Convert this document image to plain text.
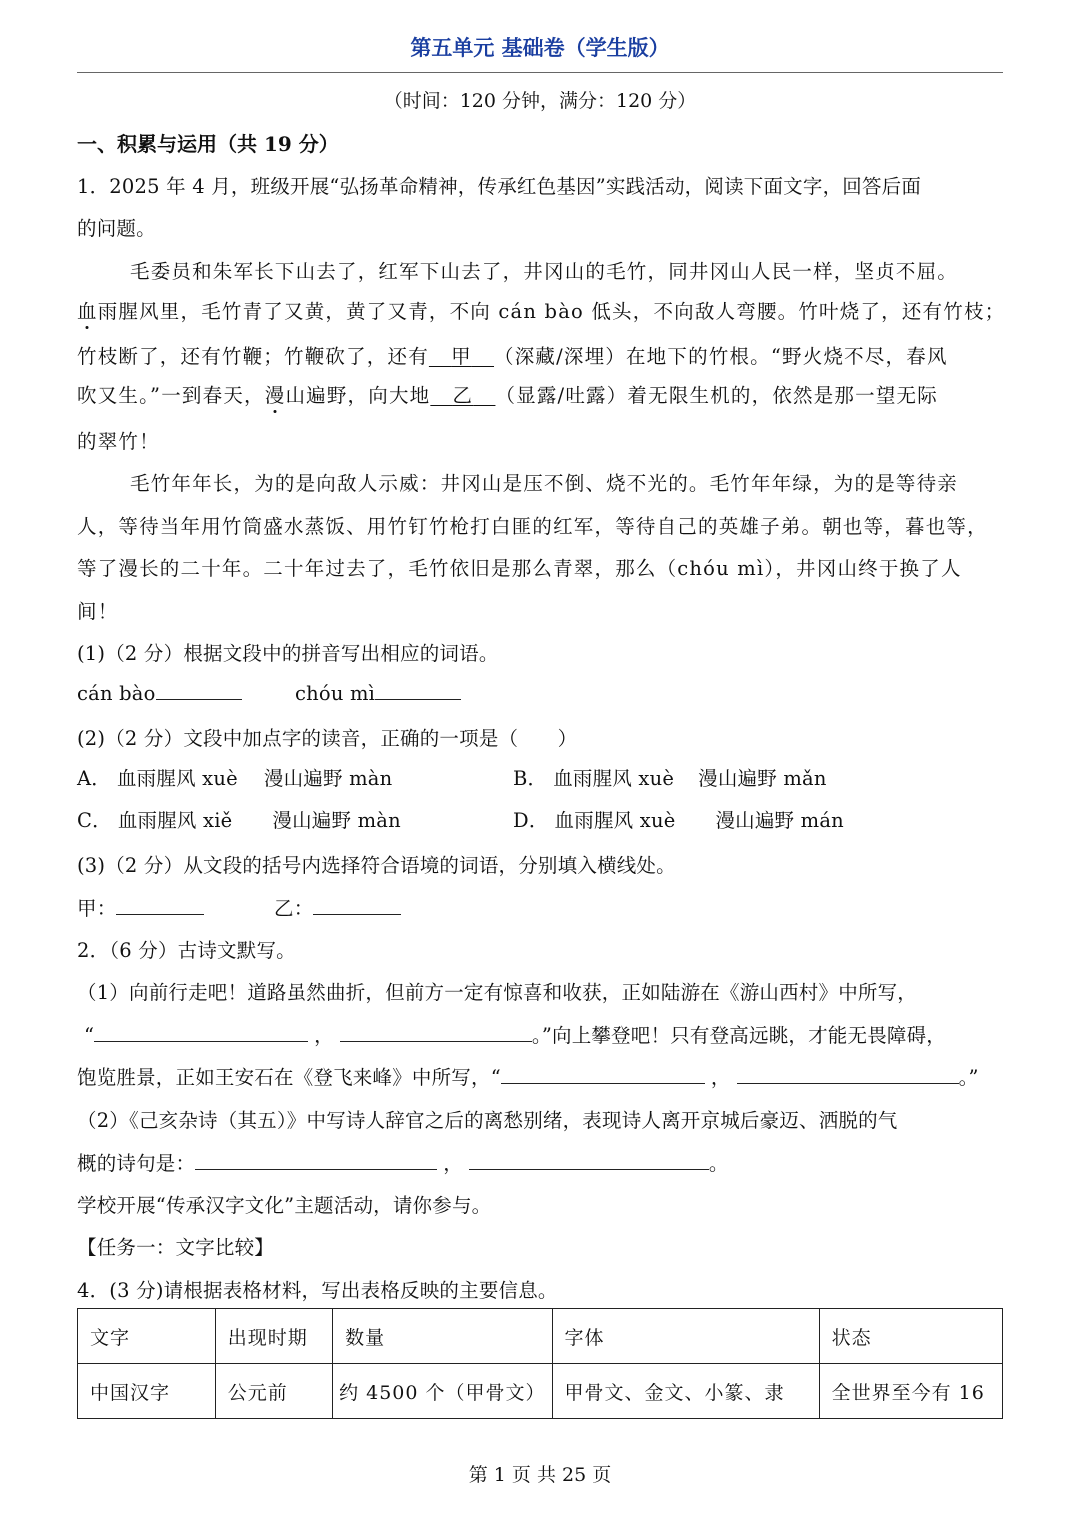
第五单元 基础卷（学生版）
（时间：120 分钟，满分：120 分）
一、积累与运用（共 19 分）
1．2025 年 4 月，班级开展“弘扬革命精神，传承红色基因”实践活动，阅读下面文字，回答后面
的问题。
毛委员和朱军长下山去了，红军下山去了，井冈山的毛竹，同井冈山人民一样，坚贞不屈。
血雨腥风里，毛竹青了又黄，黄了又青，不向 cán bào 低头，不向敌人弯腰。竹叶烧了，还有竹枝；
竹枝断了，还有竹鞭；竹鞭砍了，还有 甲 （深藏/深埋）在地下的竹根。“野火烧不尽，春风
吹又生。”一到春天，漫山遍野，向大地 乙 （显露/吐露）着无限生机的，依然是那一望无际
的翠竹！
毛竹年年长，为的是向敌人示威：井冈山是压不倒、烧不光的。毛竹年年绿，为的是等待亲
人，等待当年用竹筒盛水蒸饭、用竹钉竹枪打白匪的红军，等待自己的英雄子弟。朝也等，暮也等，
等了漫长的二十年。二十年过去了，毛竹依旧是那么青翠，那么（chóu mì），井冈山终于换了人
间！
(1)（2 分）根据文段中的拼音写出相应的词语。
cán bào	chóu mì
(2)（2 分）文段中加点字的读音，正确的一项是（　　）
A． 血雨腥风 xuè 漫山遍野 màn	B． 血雨腥风 xuè 漫山遍野 mǎn
C． 血雨腥风 xiě 漫山遍野 màn	D． 血雨腥风 xuè 漫山遍野 mán
(3)（2 分）从文段的括号内选择符合语境的词语，分别填入横线处。
甲：	乙：
2．（6 分）古诗文默写。
（1）向前行走吧！道路虽然曲折，但前方一定有惊喜和收获，正如陆游在《游山西村》中所写，
“	，	。”向上攀登吧！只有登高远眺，才能无畏障碍，
饱览胜景，正如王安石在《登飞来峰》中所写，“	，	。”
（2）《己亥杂诗（其五）》中写诗人辞官之后的离愁别绪，表现诗人离开京城后豪迈、洒脱的气
概的诗句是：	，	。
学校开展“传承汉字文化”主题活动，请你参与。
【任务一：文字比较】
4．(3 分)请根据表格材料，写出表格反映的主要信息。
文字	出现时期	数量	字体	状态
中国汉字	公元前	约 4500 个（甲骨文）	甲骨文、金文、小篆、隶	全世界至今有 16
第 1 页 共 25 页
